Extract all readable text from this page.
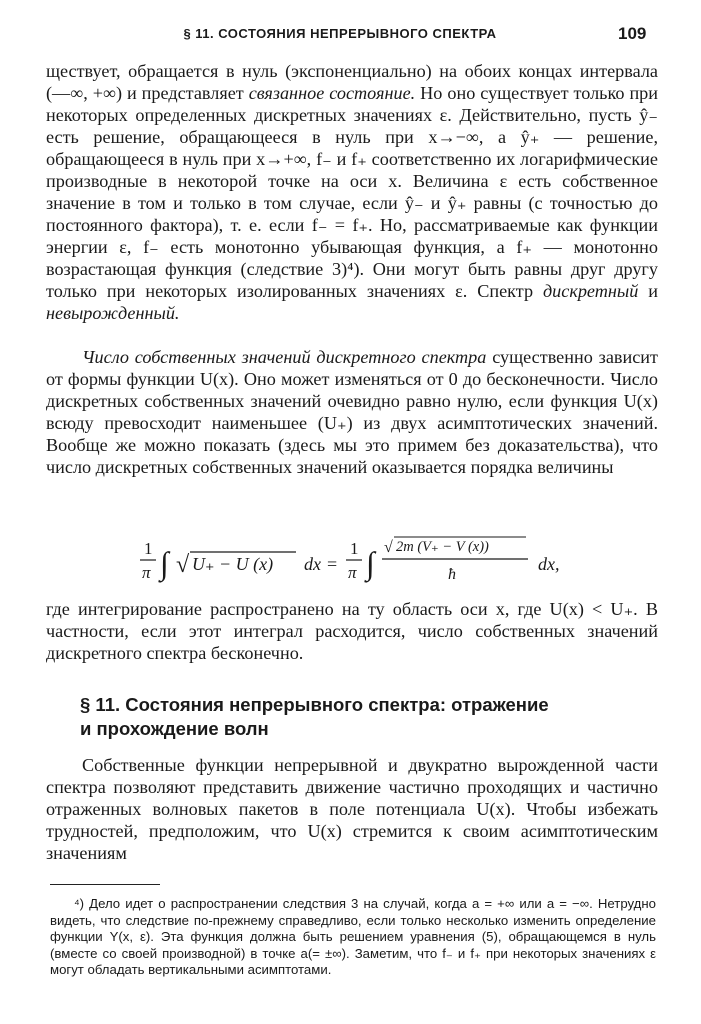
§ 11. СОСТОЯНИЯ НЕПРЕРЫВНОГО СПЕКТРА	109

ществует, обращается в нуль (экспоненциально) на обоих концах интервала (—∞, +∞) и представляет связанное состояние. Но оно существует только при некоторых определенных дискретных значениях ε. Действительно, пусть ŷ₋ есть решение, обращающееся в нуль при x→−∞, а ŷ₊ — решение, обращающееся в нуль при x→+∞, f₋ и f₊ соответственно их логарифмические производные в некоторой точке на оси x. Величина ε есть собственное значение в том и только в том случае, если ŷ₋ и ŷ₊ равны (с точностью до постоянного фактора), т. е. если f₋ = f₊. Но, рассматриваемые как функции энергии ε, f₋ есть монотонно убывающая функция, а f₊ — монотонно возрастающая функция (следствие 3)⁴). Они могут быть равны друг другу только при некоторых изолированных значениях ε. Спектр дискретный и невырожденный.

Число собственных значений дискретного спектра существенно зависит от формы функции U(x). Оно может изменяться от 0 до бесконечности. Число дискретных собственных значений очевидно равно нулю, если функция U(x) всюду превосходит наименьшее (U₊) из двух асимптотических значений. Вообще же можно показать (здесь мы это примем без доказательства), что число дискретных собственных значений оказывается порядка величины

1
π ∫ √ U₊ − U (x) dx =
1
π ∫ √ 2m (V₊ − V (x))
ħ
dx,

где интегрирование распространено на ту область оси x, где U(x) < U₊. В частности, если этот интеграл расходится, число собственных значений дискретного спектра бесконечно.

§ 11. Состояния непрерывного спектра: отражение
и прохождение волн

Собственные функции непрерывной и двукратно вырожденной части спектра позволяют представить движение частично проходящих и частично отраженных волновых пакетов в поле потенциала U(x). Чтобы избежать трудностей, предположим, что U(x) стремится к своим асимптотическим значениям

⁴) Дело идет о распространении следствия 3 на случай, когда a = +∞ или a = −∞. Нетрудно видеть, что следствие по-прежнему справедливо, если только несколько изменить определение функции Y(x, ε). Эта функция должна быть решением уравнения (5), обращающемся в нуль (вместе со своей производной) в точке a(= ±∞). Заметим, что f₋ и f₊ при некоторых значениях ε могут обладать вертикальными асимптотами.
